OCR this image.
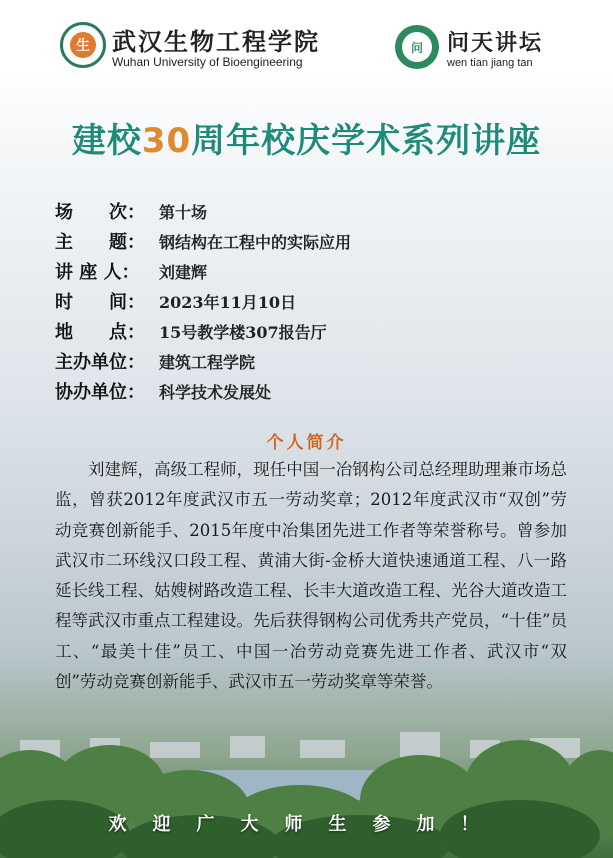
生 武汉生物工程学院
Wuhan University of Bioengineering
问	问天讲坛
wen tian jiang tan
建校30周年校庆学术系列讲座
场　　次： 第十场
主　　题： 钢结构在工程中的实际应用
讲 座 人：	刘建辉
时　　间： 2023年11月10日
地　　点： 15号教学楼307报告厅
主办单位： 建筑工程学院
协办单位： 科学技术发展处
个人简介
刘建辉，高级工程师，现任中国一冶钢构公司总经理助理兼市场总监，曾获2012年度武汉市五一劳动奖章；2012年度武汉市“双创”劳动竞赛创新能手、2015年度中冶集团先进工作者等荣誉称号。曾参加武汉市二环线汉口段工程、黄浦大街-金桥大道快速通道工程、八一路延长线工程、姑嫂树路改造工程、长丰大道改造工程、光谷大道改造工程等武汉市重点工程建设。先后获得钢构公司优秀共产党员，“十佳”员工、“最美十佳”员工、中国一冶劳动竞赛先进工作者、武汉市“双创”劳动竞赛创新能手、武汉市五一劳动奖章等荣誉。
欢迎广大师生参加！
